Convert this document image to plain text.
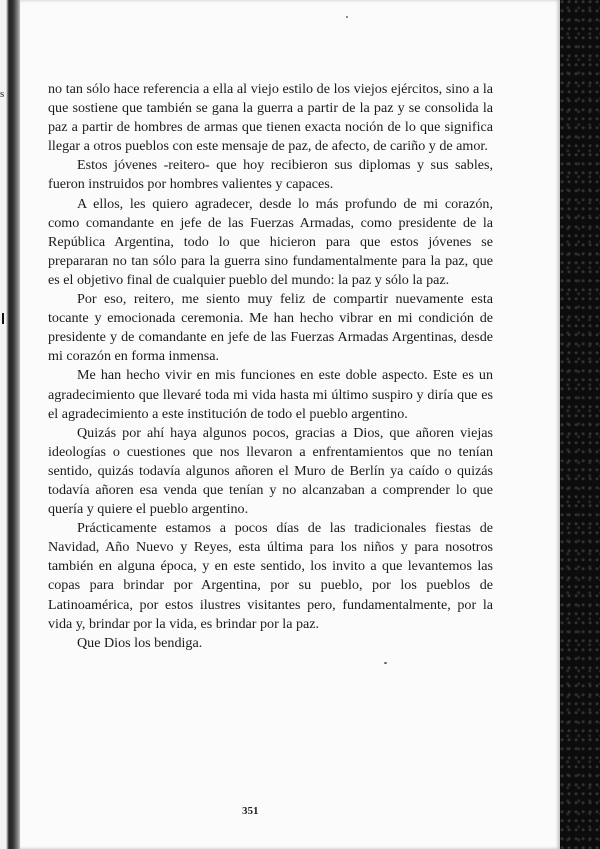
s	no tan sólo hace referencia a ella al viejo estilo de los viejos ejércitos, sino a la que sostiene que también se gana la guerra a partir de la paz y se consolida la paz a partir de hombres de armas que tienen exacta noción de lo que significa llegar a otros pueblos con este mensaje de paz, de afecto, de cariño y de amor.

Estos jóvenes -reitero- que hoy recibieron sus diplomas y sus sables, fueron instruidos por hombres valientes y capaces.

A ellos, les quiero agradecer, desde lo más profundo de mi corazón, como comandante en jefe de las Fuerzas Armadas, como presidente de la República Argentina, todo lo que hicieron para que estos jóvenes se prepararan no tan sólo para la guerra sino fundamentalmente para la paz, que es el objetivo final de cualquier pueblo del mundo: la paz y sólo la paz.

Por eso, reitero, me siento muy feliz de compartir nuevamente esta tocante y emocionada ceremonia. Me han hecho vibrar en mi condición de presidente y de comandante en jefe de las Fuerzas Armadas Argentinas, desde mi corazón en forma inmensa.

Me han hecho vivir en mis funciones en este doble aspecto. Este es un agradecimiento que llevaré toda mi vida hasta mi último suspiro y diría que es el agradecimiento a este institución de todo el pueblo argentino.

Quizás por ahí haya algunos pocos, gracias a Dios, que añoren viejas ideologías o cuestiones que nos llevaron a enfrentamientos que no tenían sentido, quizás todavía algunos añoren el Muro de Berlín ya caído o quizás todavía añoren esa venda que tenían y no alcanzaban a comprender lo que quería y quiere el pueblo argentino.

Prácticamente estamos a pocos días de las tradicionales fiestas de Navidad, Año Nuevo y Reyes, esta última para los niños y para nosotros también en alguna época, y en este sentido, los invito a que levantemos las copas para brindar por Argentina, por su pueblo, por los pueblos de Latinoamérica, por estos ilustres visitantes pero, fundamentalmente, por la vida y, brindar por la vida, es brindar por la paz.

Que Dios los bendiga.

351
